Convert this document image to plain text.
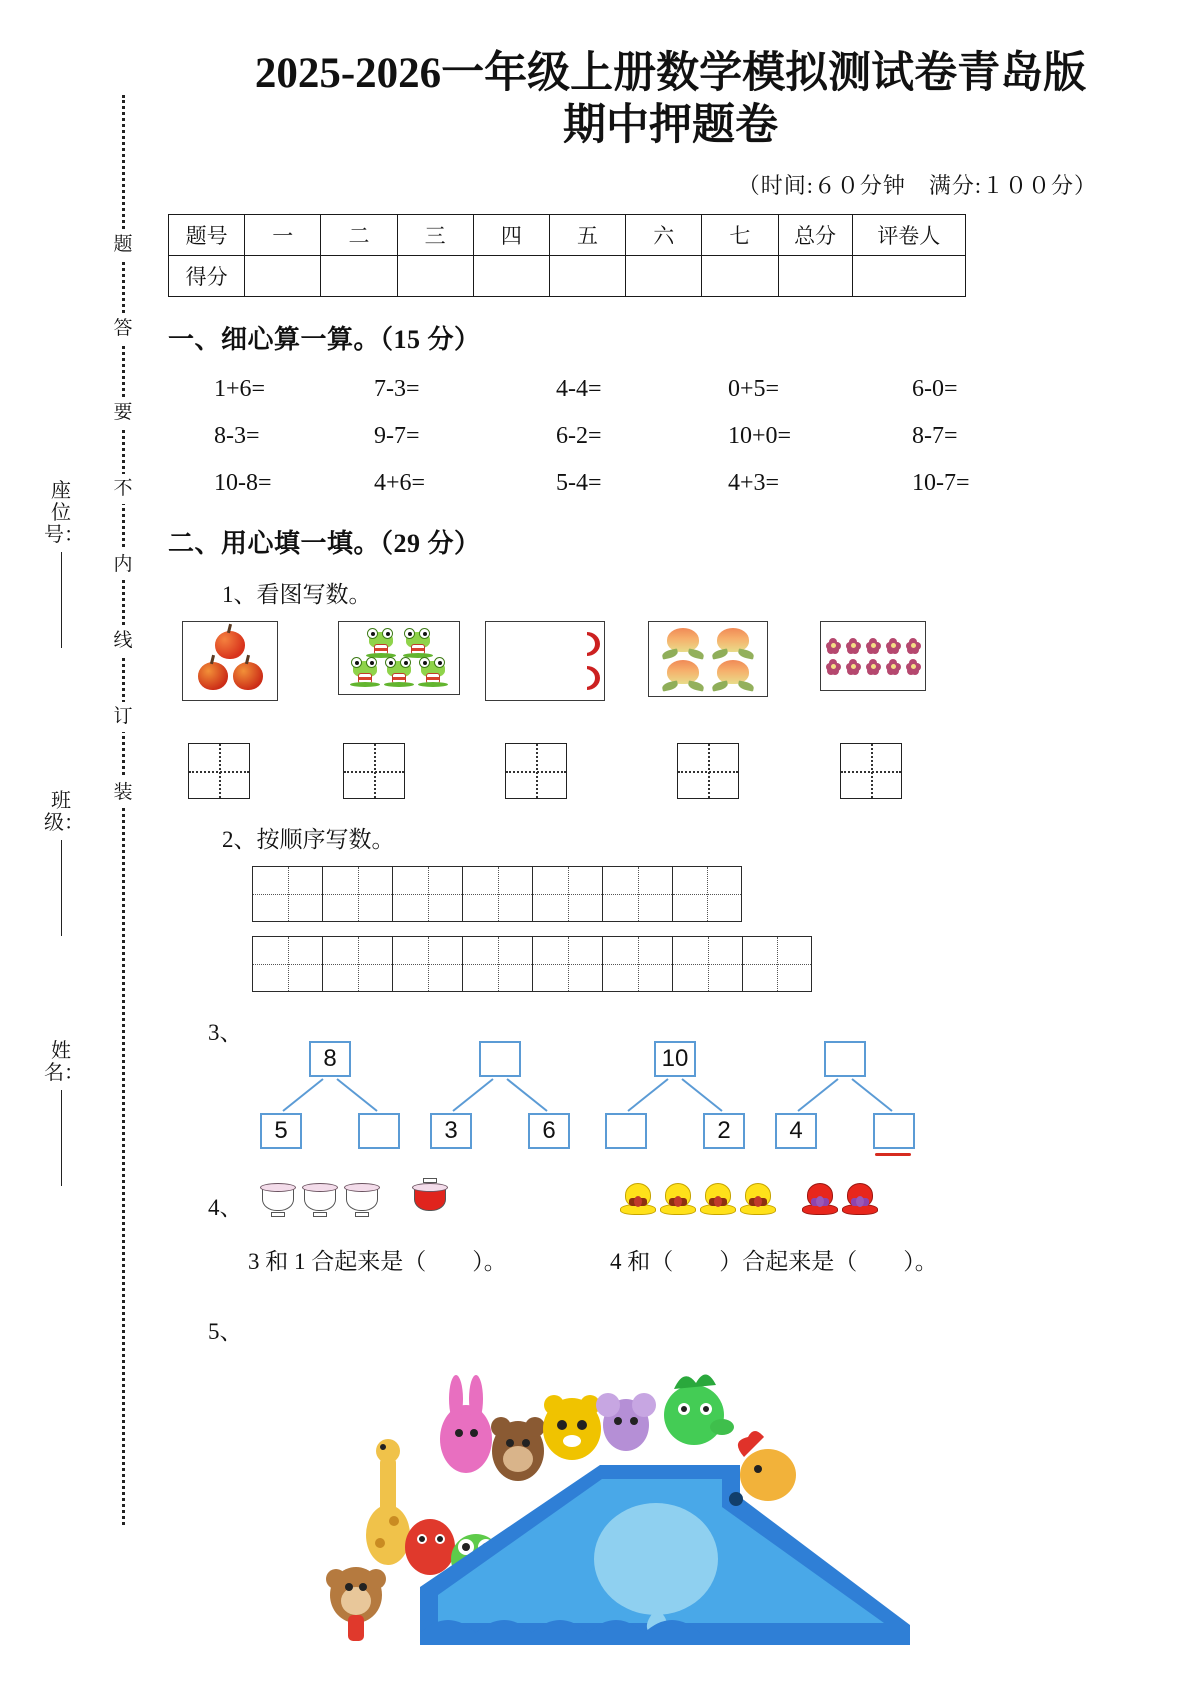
题
答
要
不
内
线
订
装
座位号：
班级：
姓名：
2025-2026一年级上册数学模拟测试卷青岛版
期中押题卷
（时间:６０分钟　满分:１００分）
题号	一	二	三	四	五	六	七	总分	评卷人
得分									
一、细心算一算。（15 分）
1+6=	7-3=	4-4=	0+5=	6-0=
8-3=	9-7=	6-2=	10+0=	8-7=
10-8=	4+6=	5-4=	4+3=	10-7=
二、用心填一填。（29 分）
1、看图写数。
2、按顺序写数。
3、
8
5	3	6
10
2	4
4、
3 和 1 合起来是（　　）。	4 和（　　）合起来是（　　）。
5、
